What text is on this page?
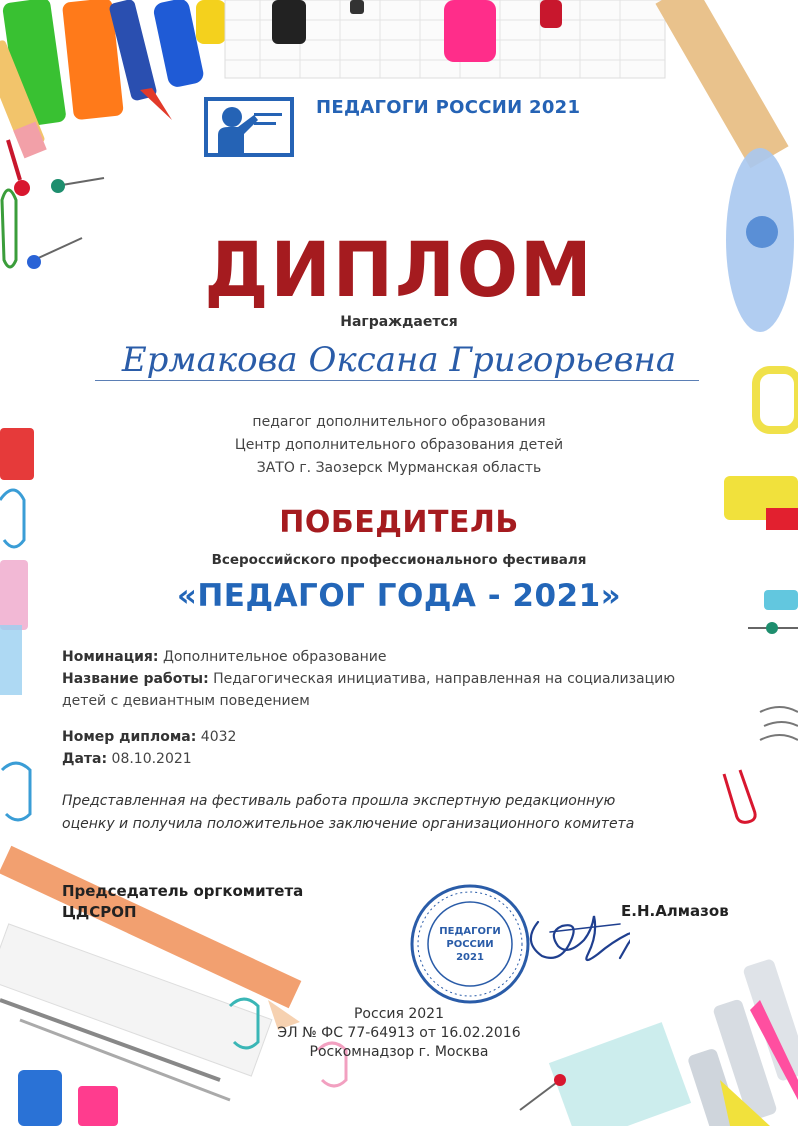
ПЕДАГОГИ РОССИИ 2021
ДИПЛОМ
Награждается
Ермакова Оксана Григорьевна
педагог дополнительного образования
Центр дополнительного образования детей
ЗАТО г. Заозерск Мурманская область
ПОБЕДИТЕЛЬ
Всероссийского профессионального фестиваля
«ПЕДАГОГ ГОДА - 2021»
Номинация: Дополнительное образование
Название работы: Педагогическая инициатива, направленная на социализацию
детей с девиантным поведением
Номер диплома: 4032
Дата: 08.10.2021
Представленная на фестиваль работа прошла экспертную редакционную
оценку и получила положительное заключение организационного комитета
Председатель оргкомитета
ЦДСРОП
ПЕДАГОГИ
РОССИИ
2021
Е.Н.Алмазов
Россия 2021
ЭЛ № ФС 77-64913 от 16.02.2016
Роскомнадзор г. Москва
